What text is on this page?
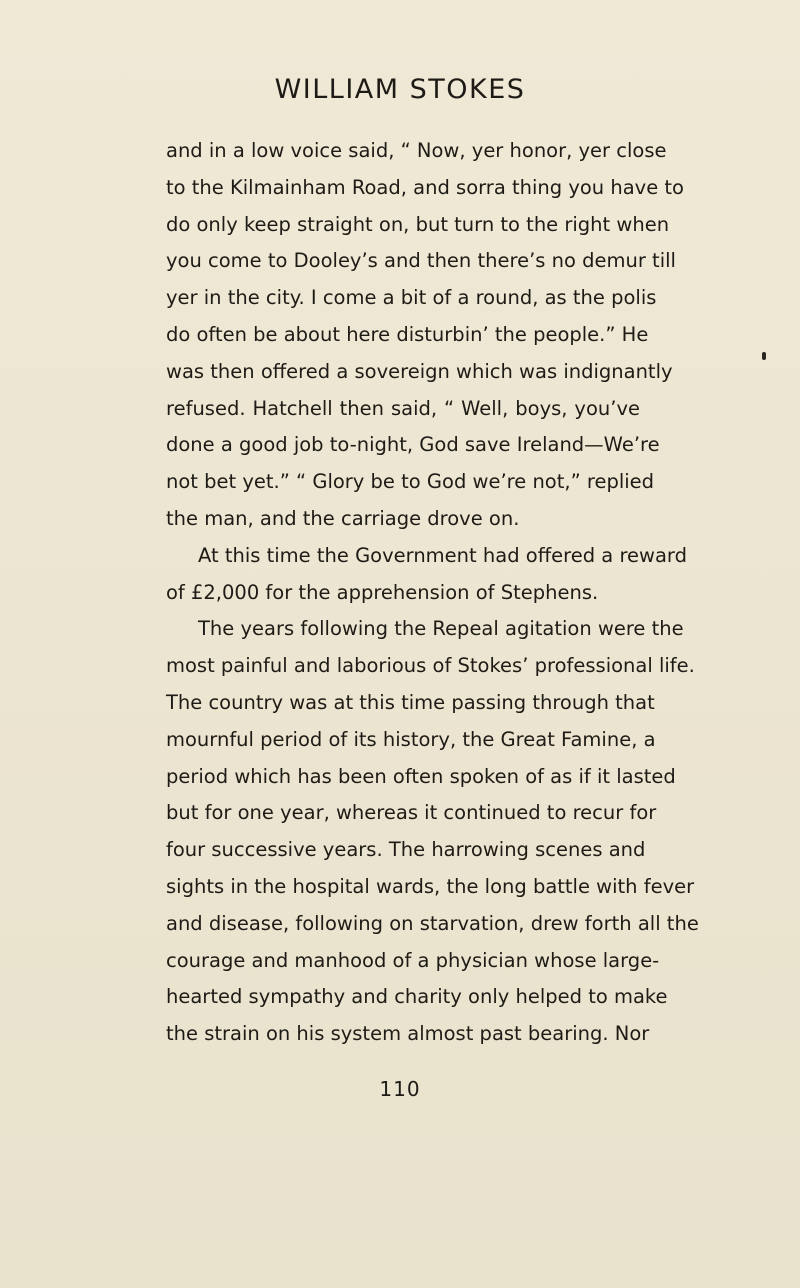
WILLIAM STOKES
and in a low voice said, “ Now, yer honor, yer close
to the Kilmainham Road, and sorra thing you have to
do only keep straight on, but turn to the right when
you come to Dooley’s and then there’s no demur till
yer in the city. I come a bit of a round, as the polis
do often be about here disturbin’ the people.” He
was then offered a sovereign which was indignantly
refused. Hatchell then said, “ Well, boys, you’ve
done a good job to-night, God save Ireland—We’re
not bet yet.” “ Glory be to God we’re not,” replied
the man, and the carriage drove on.
At this time the Government had offered a reward
of £2,000 for the apprehension of Stephens.
The years following the Repeal agitation were the
most painful and laborious of Stokes’ professional life.
The country was at this time passing through that
mournful period of its history, the Great Famine, a
period which has been often spoken of as if it lasted
but for one year, whereas it continued to recur for
four successive years. The harrowing scenes and
sights in the hospital wards, the long battle with fever
and disease, following on starvation, drew forth all the
courage and manhood of a physician whose large-
hearted sympathy and charity only helped to make
the strain on his system almost past bearing. Nor
110
